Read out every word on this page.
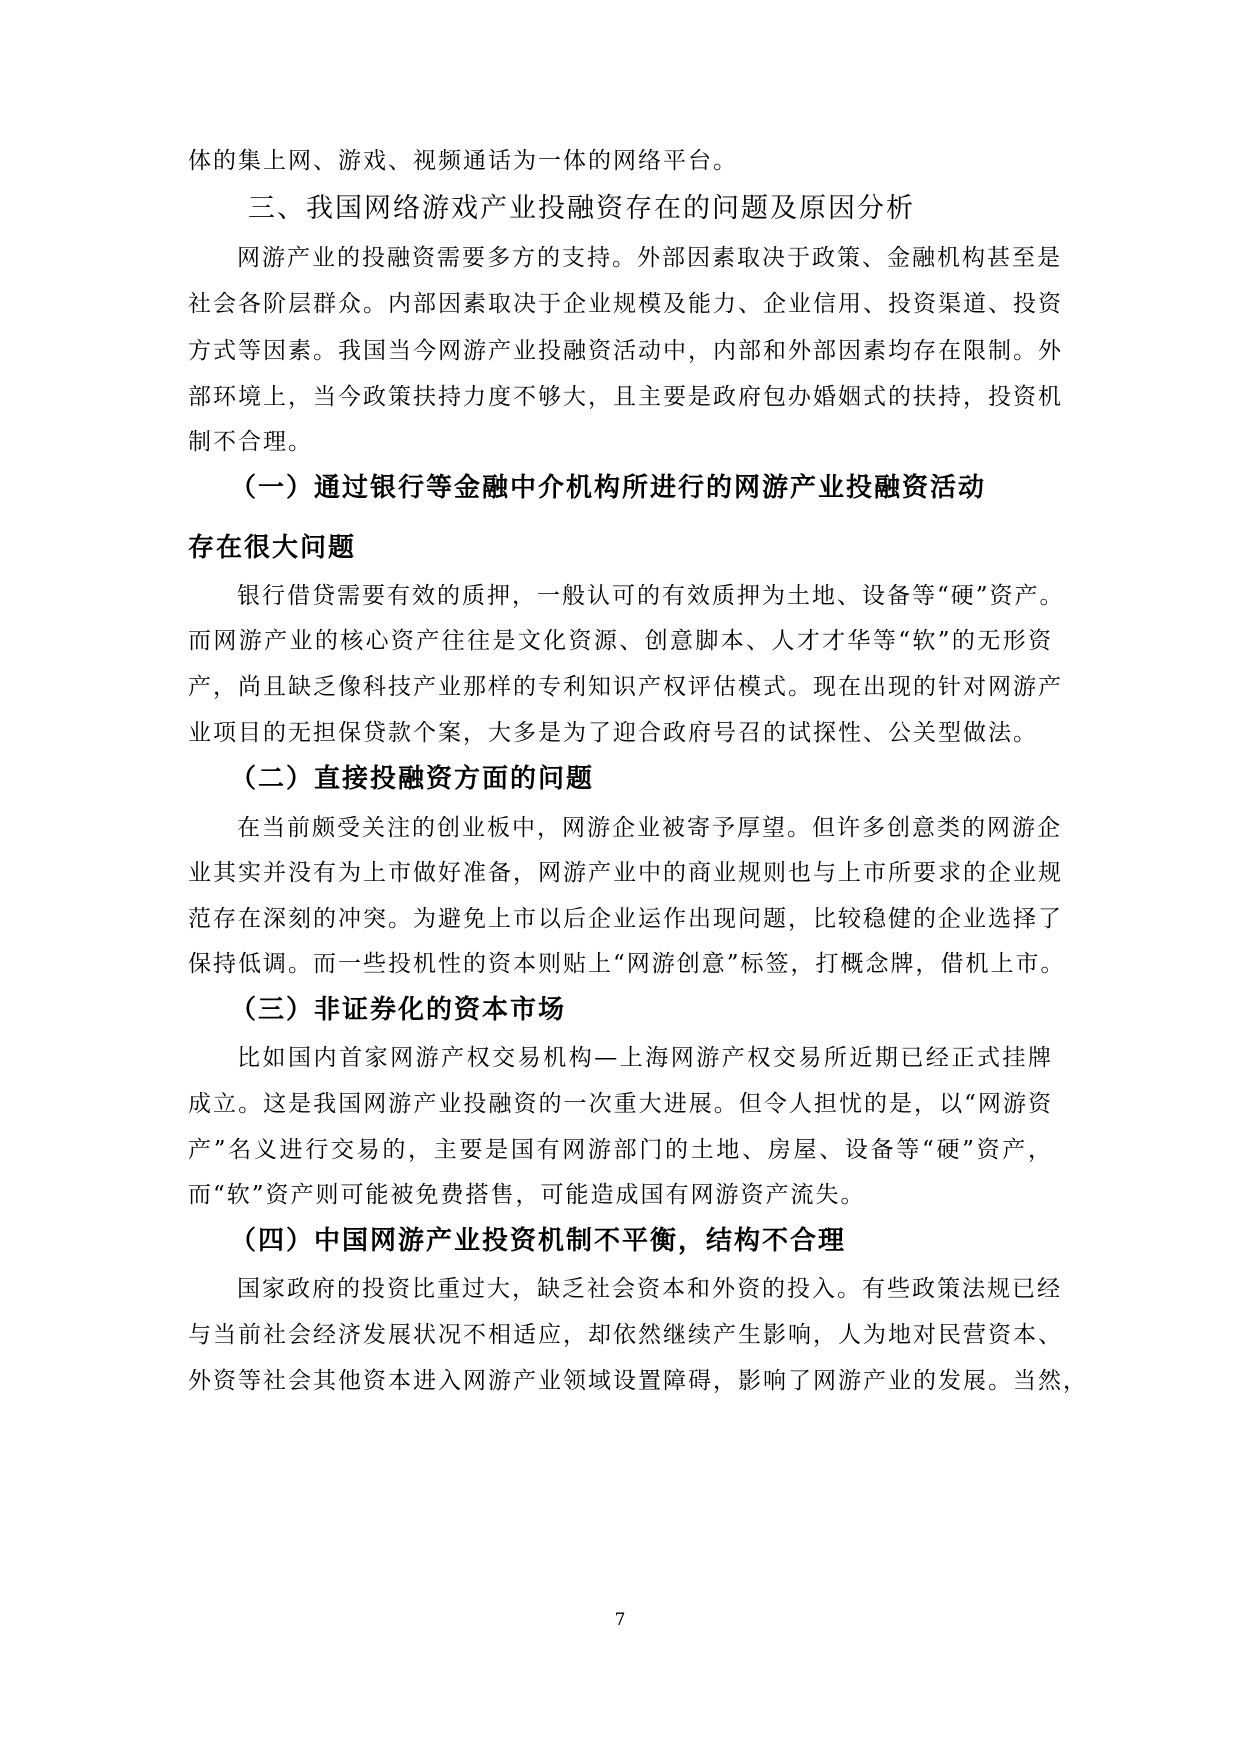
体的集上网、游戏、视频通话为一体的网络平台。
三、我国网络游戏产业投融资存在的问题及原因分析
网游产业的投融资需要多方的支持。外部因素取决于政策、金融机构甚至是
社会各阶层群众。内部因素取决于企业规模及能力、企业信用、投资渠道、投资
方式等因素。我国当今网游产业投融资活动中，内部和外部因素均存在限制。外
部环境上，当今政策扶持力度不够大，且主要是政府包办婚姻式的扶持，投资机
制不合理。
（一）通过银行等金融中介机构所进行的网游产业投融资活动
存在很大问题
银行借贷需要有效的质押，一般认可的有效质押为土地、设备等“硬”资产。
而网游产业的核心资产往往是文化资源、创意脚本、人才才华等“软”的无形资
产，尚且缺乏像科技产业那样的专利知识产权评估模式。现在出现的针对网游产
业项目的无担保贷款个案，大多是为了迎合政府号召的试探性、公关型做法。
（二）直接投融资方面的问题
在当前颇受关注的创业板中，网游企业被寄予厚望。但许多创意类的网游企
业其实并没有为上市做好准备，网游产业中的商业规则也与上市所要求的企业规
范存在深刻的冲突。为避免上市以后企业运作出现问题，比较稳健的企业选择了
保持低调。而一些投机性的资本则贴上“网游创意”标签，打概念牌，借机上市。
（三）非证券化的资本市场
比如国内首家网游产权交易机构—上海网游产权交易所近期已经正式挂牌
成立。这是我国网游产业投融资的一次重大进展。但令人担忧的是，以“网游资
产”名义进行交易的，主要是国有网游部门的土地、房屋、设备等“硬”资产，
而“软”资产则可能被免费搭售，可能造成国有网游资产流失。
（四）中国网游产业投资机制不平衡，结构不合理
国家政府的投资比重过大，缺乏社会资本和外资的投入。有些政策法规已经
与当前社会经济发展状况不相适应，却依然继续产生影响，人为地对民营资本、
外资等社会其他资本进入网游产业领域设置障碍，影响了网游产业的发展。当然，
7
